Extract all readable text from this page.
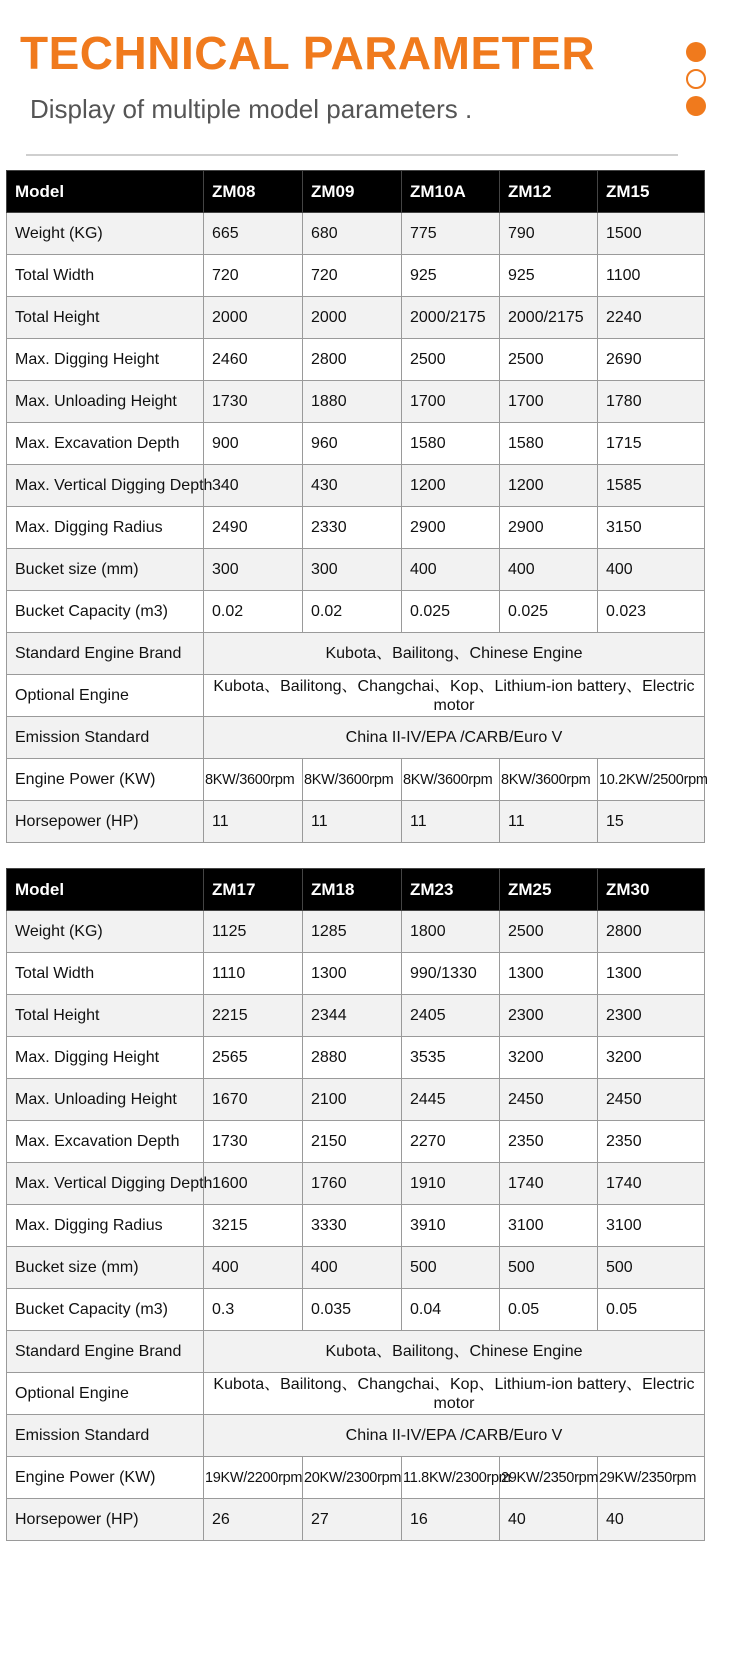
TECHNICAL PARAMETER

Display of multiple model parameters .

Model	ZM08	ZM09	ZM10A	ZM12	ZM15
Weight (KG)	665	680	775	790	1500
Total Width	720	720	925	925	1100
Total Height	2000	2000	2000/2175	2000/2175	2240
Max. Digging Height	2460	2800	2500	2500	2690
Max. Unloading Height	1730	1880	1700	1700	1780
Max. Excavation Depth	900	960	1580	1580	1715
Max. Vertical Digging Depth	340	430	1200	1200	1585
Max. Digging Radius	2490	2330	2900	2900	3150
Bucket size (mm)	300	300	400	400	400
Bucket Capacity (m3)	0.02	0.02	0.025	0.025	0.023
Standard Engine Brand	Kubota、Bailitong、Chinese Engine				
Optional Engine	Kubota、Bailitong、Changchai、Kop、Lithium-ion battery、Electric motor				
Emission Standard	China II-IV/EPA /CARB/Euro V				
Engine Power (KW)	8KW/3600rpm	8KW/3600rpm	8KW/3600rpm	8KW/3600rpm	10.2KW/2500rpm
Horsepower (HP)	11	11	11	11	15
Model	ZM17	ZM18	ZM23	ZM25	ZM30
Weight (KG)	1125	1285	1800	2500	2800
Total Width	1110	1300	990/1330	1300	1300
Total Height	2215	2344	2405	2300	2300
Max. Digging Height	2565	2880	3535	3200	3200
Max. Unloading Height	1670	2100	2445	2450	2450
Max. Excavation Depth	1730	2150	2270	2350	2350
Max. Vertical Digging Depth	1600	1760	1910	1740	1740
Max. Digging Radius	3215	3330	3910	3100	3100
Bucket size (mm)	400	400	500	500	500
Bucket Capacity (m3)	0.3	0.035	0.04	0.05	0.05
Standard Engine Brand	Kubota、Bailitong、Chinese Engine				
Optional Engine	Kubota、Bailitong、Changchai、Kop、Lithium-ion battery、Electric motor				
Emission Standard	China II-IV/EPA /CARB/Euro V				
Engine Power (KW)	19KW/2200rpm	20KW/2300rpm	11.8KW/2300rpm	29KW/2350rpm	29KW/2350rpm
Horsepower (HP)	26	27	16	40	40
